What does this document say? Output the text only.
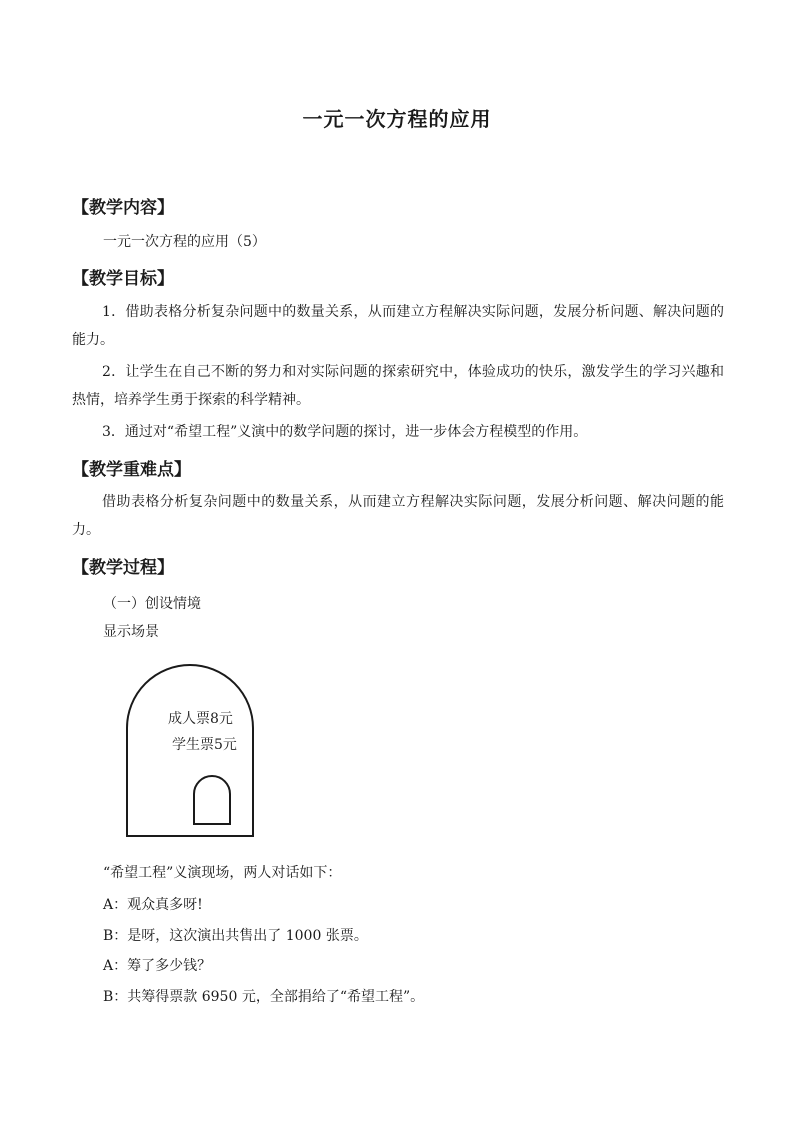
一元一次方程的应用
【教学内容】
一元一次方程的应用（5）
【教学目标】
1．借助表格分析复杂问题中的数量关系，从而建立方程解决实际问题，发展分析问题、解决问题的能力。
2．让学生在自己不断的努力和对实际问题的探索研究中，体验成功的快乐，激发学生的学习兴趣和热情，培养学生勇于探索的科学精神。
3．通过对“希望工程”义演中的数学问题的探讨，进一步体会方程模型的作用。
【教学重难点】
借助表格分析复杂问题中的数量关系，从而建立方程解决实际问题，发展分析问题、解决问题的能力。
【教学过程】
（一）创设情境
显示场景
成人票8元
学生票5元
“希望工程”义演现场，两人对话如下：
A：观众真多呀!
B：是呀，这次演出共售出了 1000 张票。
A：筹了多少钱？
B：共筹得票款 6950 元，全部捐给了“希望工程”。
